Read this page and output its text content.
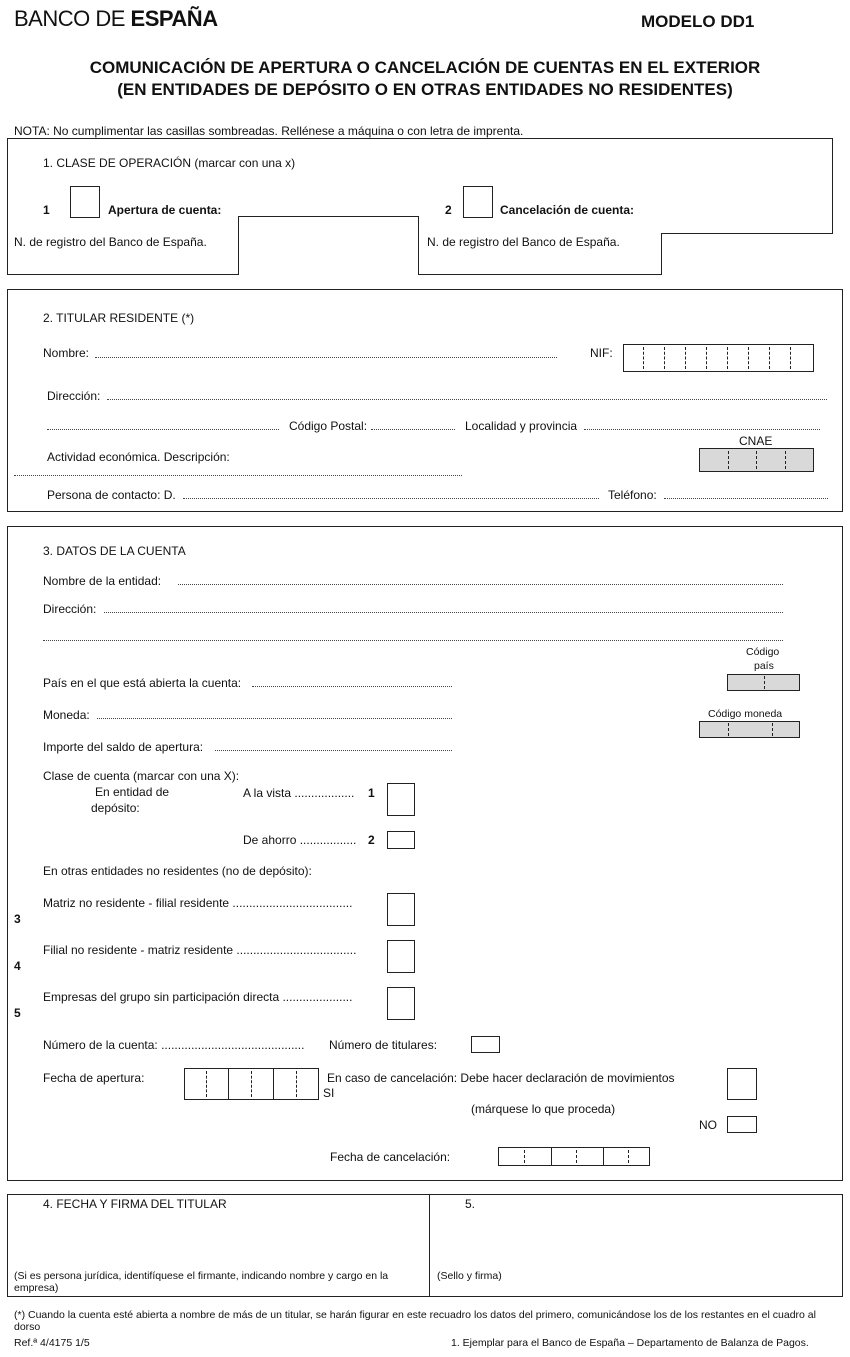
BANCO DE ESPAÑA	MODELO DD1
COMUNICACIÓN DE APERTURA O CANCELACIÓN DE CUENTAS EN EL EXTERIOR
(EN ENTIDADES DE DEPÓSITO O EN OTRAS ENTIDADES NO RESIDENTES)
NOTA: No cumplimentar las casillas sombreadas. Rellénese a máquina o con letra de imprenta.
1. CLASE DE OPERACIÓN (marcar con una x)
1	Apertura de cuenta:	2	Cancelación de cuenta:
N. de registro del Banco de España.	N. de registro del Banco de España.
2. TITULAR RESIDENTE (*)
Nombre:	NIF:
Dirección:
Código Postal:	Localidad y provincia
CNAE
Actividad económica. Descripción:
Persona de contacto: D.	Teléfono:
3. DATOS DE LA CUENTA
Nombre de la entidad:
Dirección:
Código
país
País en el que está abierta la cuenta:
Código moneda
Moneda:
Importe del saldo de apertura:
Clase de cuenta (marcar con una X):
En entidad de
depósito:
A la vista .................. 1
De ahorro ................. 2
En otras entidades no residentes (no de depósito):
Matriz no residente - filial residente ....................................
3
Filial no residente - matriz residente ....................................
4
Empresas del grupo sin participación directa .....................
5
Número de la cuenta: ........................................... Número de titulares:
Fecha de apertura:	En caso de cancelación: Debe hacer declaración de movimientos
SI
(márquese lo que proceda)
NO
Fecha de cancelación:
4. FECHA Y FIRMA DEL TITULAR
(Si es persona jurídica, identifíquese el firmante, indicando nombre y cargo en la empresa)
5.
(Sello y firma)
(*) Cuando la cuenta esté abierta a nombre de más de un titular, se harán figurar en este recuadro los datos del primero, comunicándose los de los restantes en el cuadro al dorso
Ref.ª 4/4175 1/5	1. Ejemplar para el Banco de España – Departamento de Balanza de Pagos.
